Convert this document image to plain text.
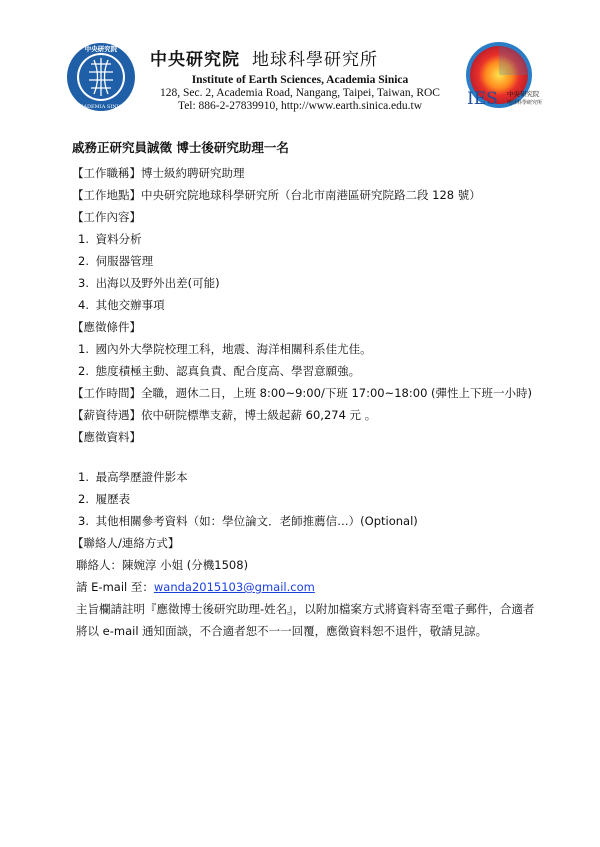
中央研究院
ACADEMIA SINICA
中央研究院 地球科學研究所
Institute of Earth Sciences, Academia Sinica
128, Sec. 2, Academia Road, Nangang, Taipei, Taiwan, ROC
Tel: 886-2-27839910, http://www.earth.sinica.edu.tw	IES 中央研究院
地球科學研究所
戚務正研究員誠徵 博士後研究助理一名
【工作職稱】博士級約聘研究助理
【工作地點】中央研究院地球科學研究所（台北市南港區研究院路二段 128 號）
【工作內容】
1. 資料分析
2. 伺服器管理
3. 出海以及野外出差(可能)
4. 其他交辦事項
【應徵條件】
1. 國內外大學院校理工科，地震、海洋相關科系佳尤佳。
2. 態度積極主動、認真負責、配合度高、學習意願強。
【工作時間】全職，週休二日，上班 8:00~9:00/下班 17:00~18:00 (彈性上下班一小時)
【薪資待遇】依中研院標準支薪，博士級起薪 60,274 元 。
【應徵資料】
1. 最高學歷證件影本
2. 履歷表
3. 其他相關參考資料（如：學位論文．老師推薦信…）(Optional)
【聯絡人/連絡方式】
聯絡人：陳婉淳 小姐 (分機1508)
請 E-mail 至：wanda2015103@gmail.com
主旨欄請註明『應徵博士後研究助理-姓名』，以附加檔案方式將資料寄至電子郵件，合適者將以 e-mail 通知面談，不合適者恕不一一回覆，應徵資料恕不退件，敬請見諒。
